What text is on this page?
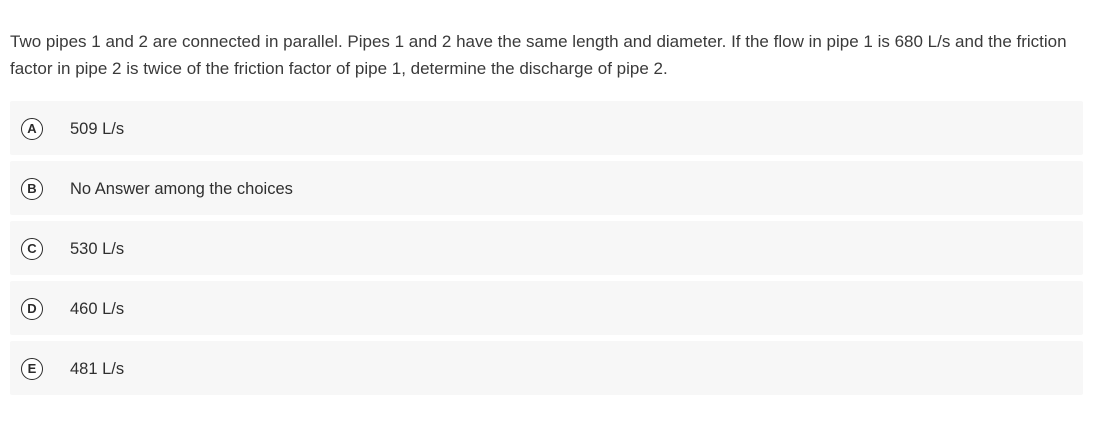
Two pipes 1 and 2 are connected in parallel. Pipes 1 and 2 have the same length and diameter. If the flow in pipe 1 is 680 L/s and the friction factor in pipe 2 is twice of the friction factor of pipe 1, determine the discharge of pipe 2.

A	509 L/s
B	No Answer among the choices
C	530 L/s
D	460 L/s
E	481 L/s
